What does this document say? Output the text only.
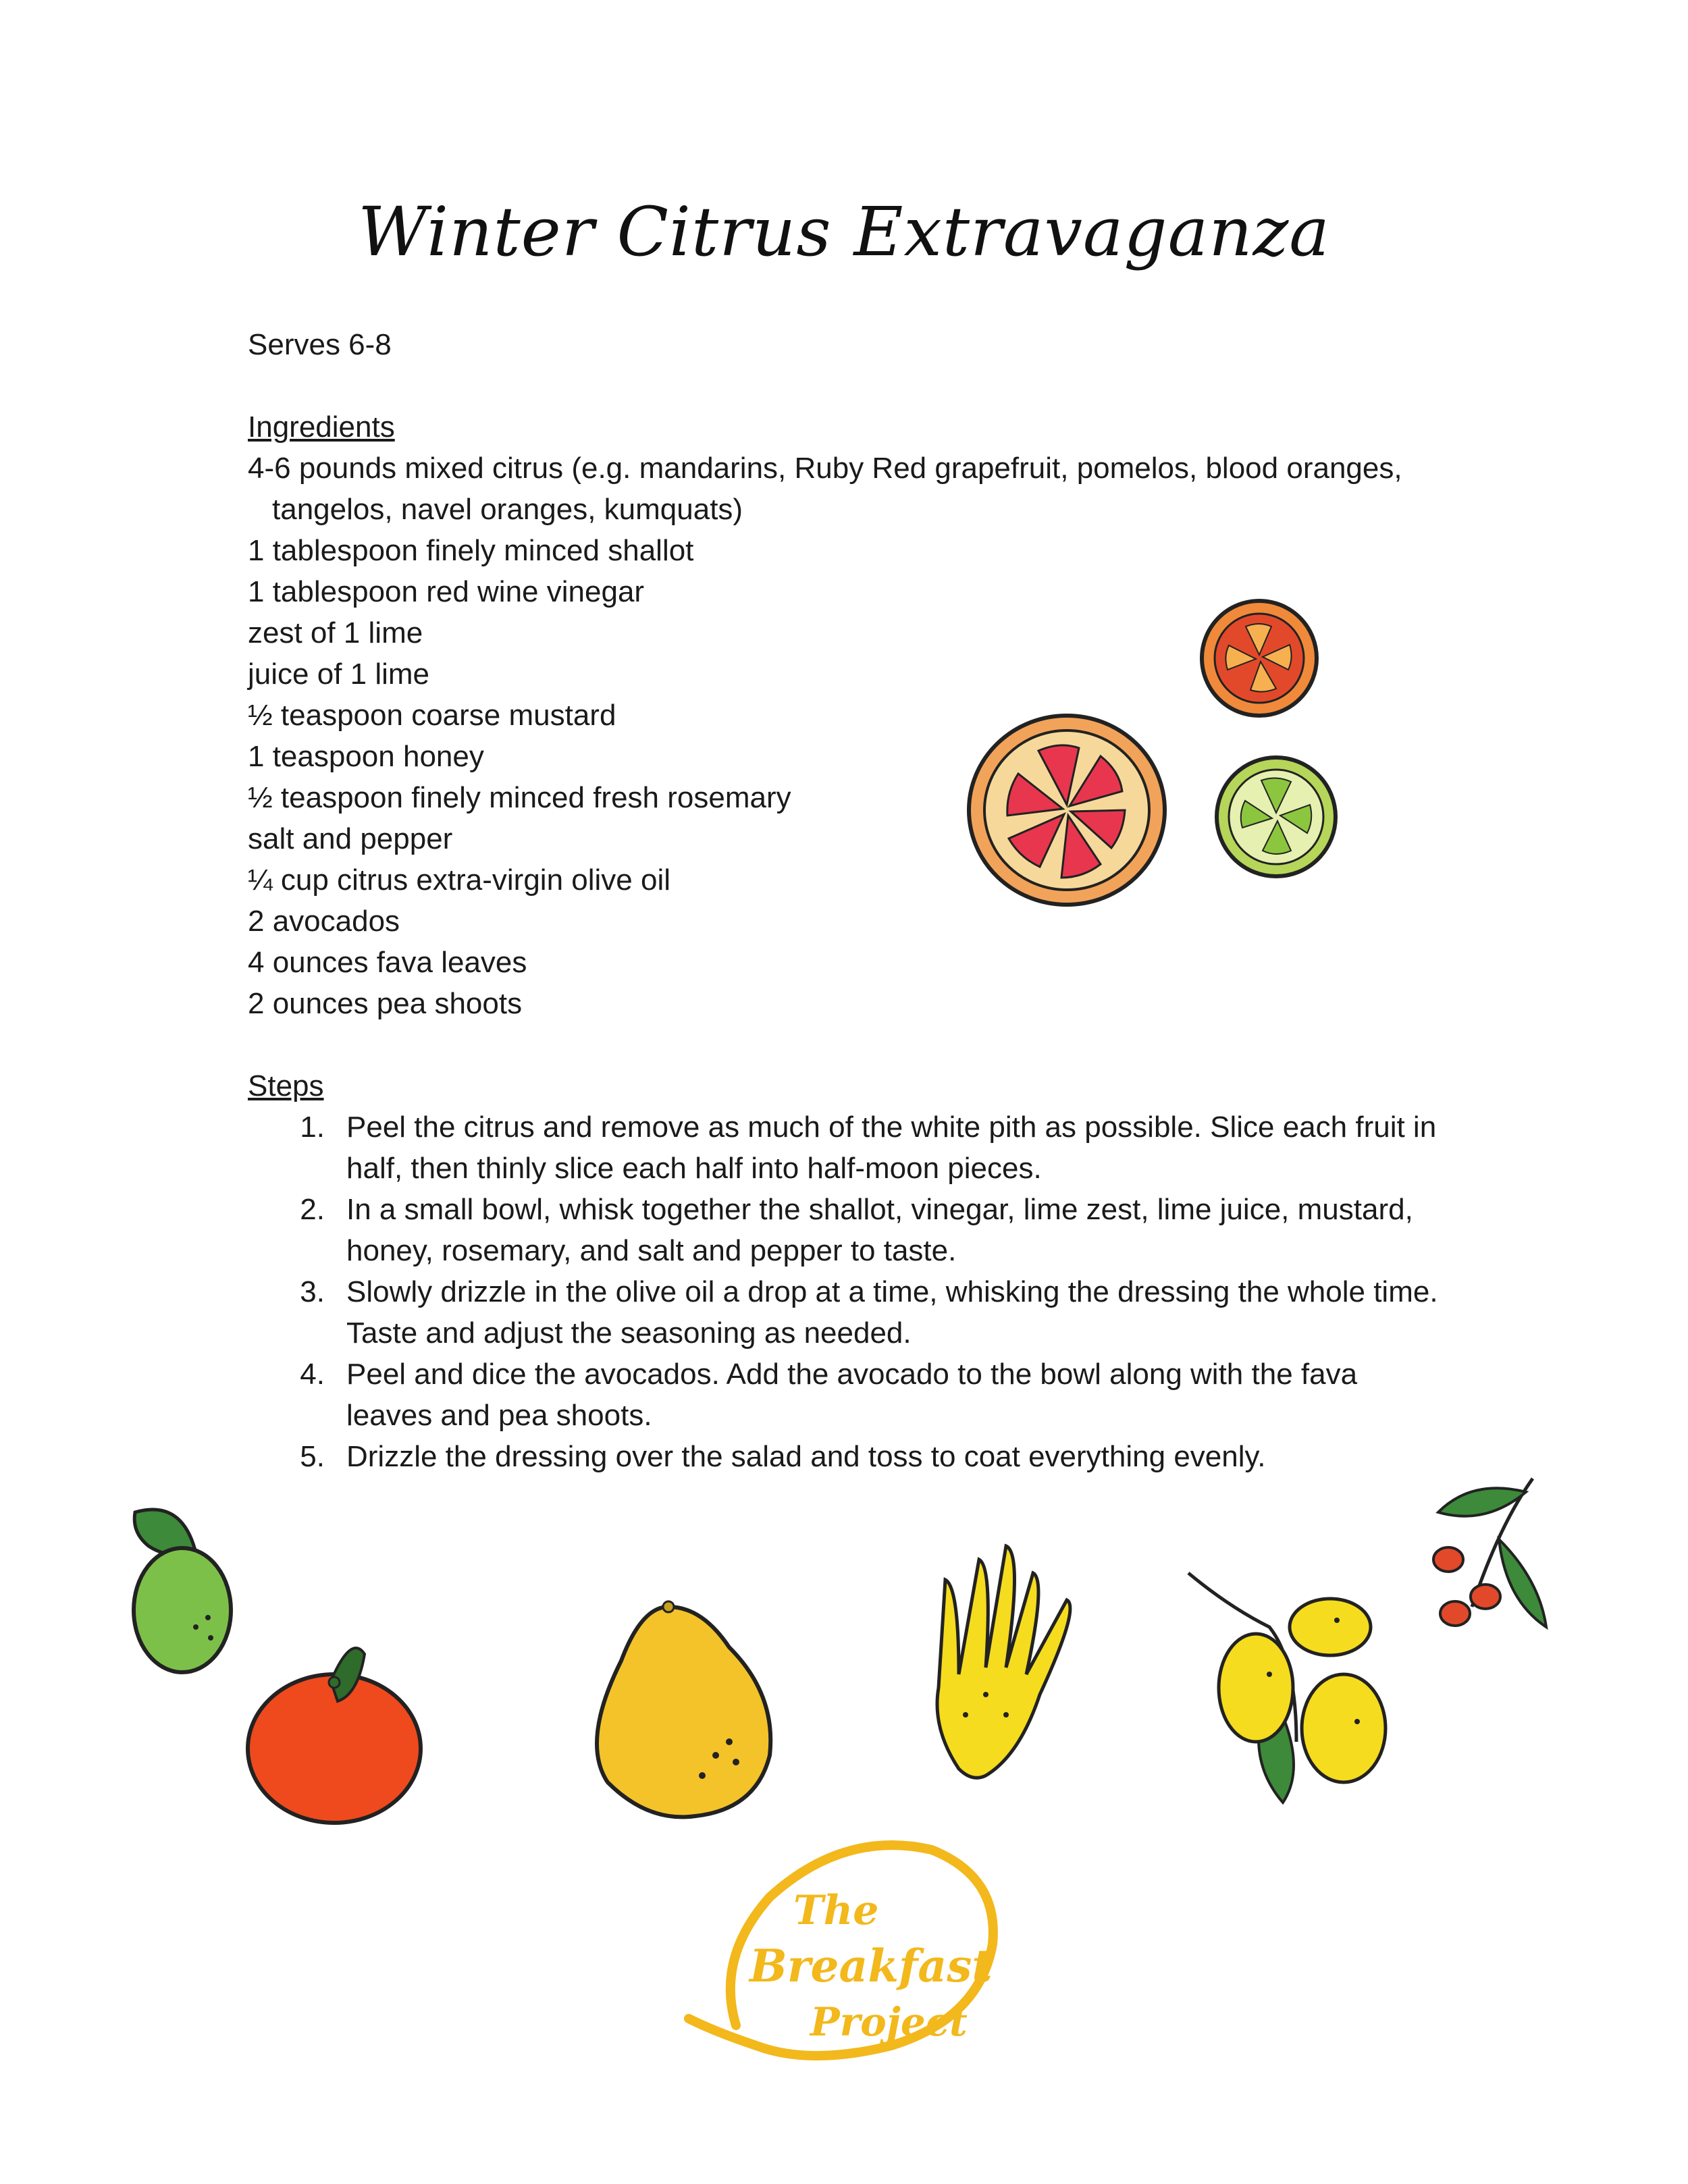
Winter Citrus Extravaganza

Serves 6-8

Ingredients

4-6 pounds mixed citrus (e.g. mandarins, Ruby Red grapefruit, pomelos, blood oranges, tangelos, navel oranges, kumquats)
1 tablespoon finely minced shallot
1 tablespoon red wine vinegar
zest of 1 lime
juice of 1 lime
½ teaspoon coarse mustard
1 teaspoon honey
½ teaspoon finely minced fresh rosemary
salt and pepper
¼ cup citrus extra-virgin olive oil
2 avocados
4 ounces fava leaves
2 ounces pea shoots

Steps

1. Peel the citrus and remove as much of the white pith as possible. Slice each fruit in half, then thinly slice each half into half-moon pieces.
2. In a small bowl, whisk together the shallot, vinegar, lime zest, lime juice, mustard, honey, rosemary, and salt and pepper to taste.
3. Slowly drizzle in the olive oil a drop at a time, whisking the dressing the whole time. Taste and adjust the seasoning as needed.
4. Peel and dice the avocados. Add the avocado to the bowl along with the fava leaves and pea shoots.
5. Drizzle the dressing over the salad and toss to coat everything evenly.
The
Breakfast
Project
